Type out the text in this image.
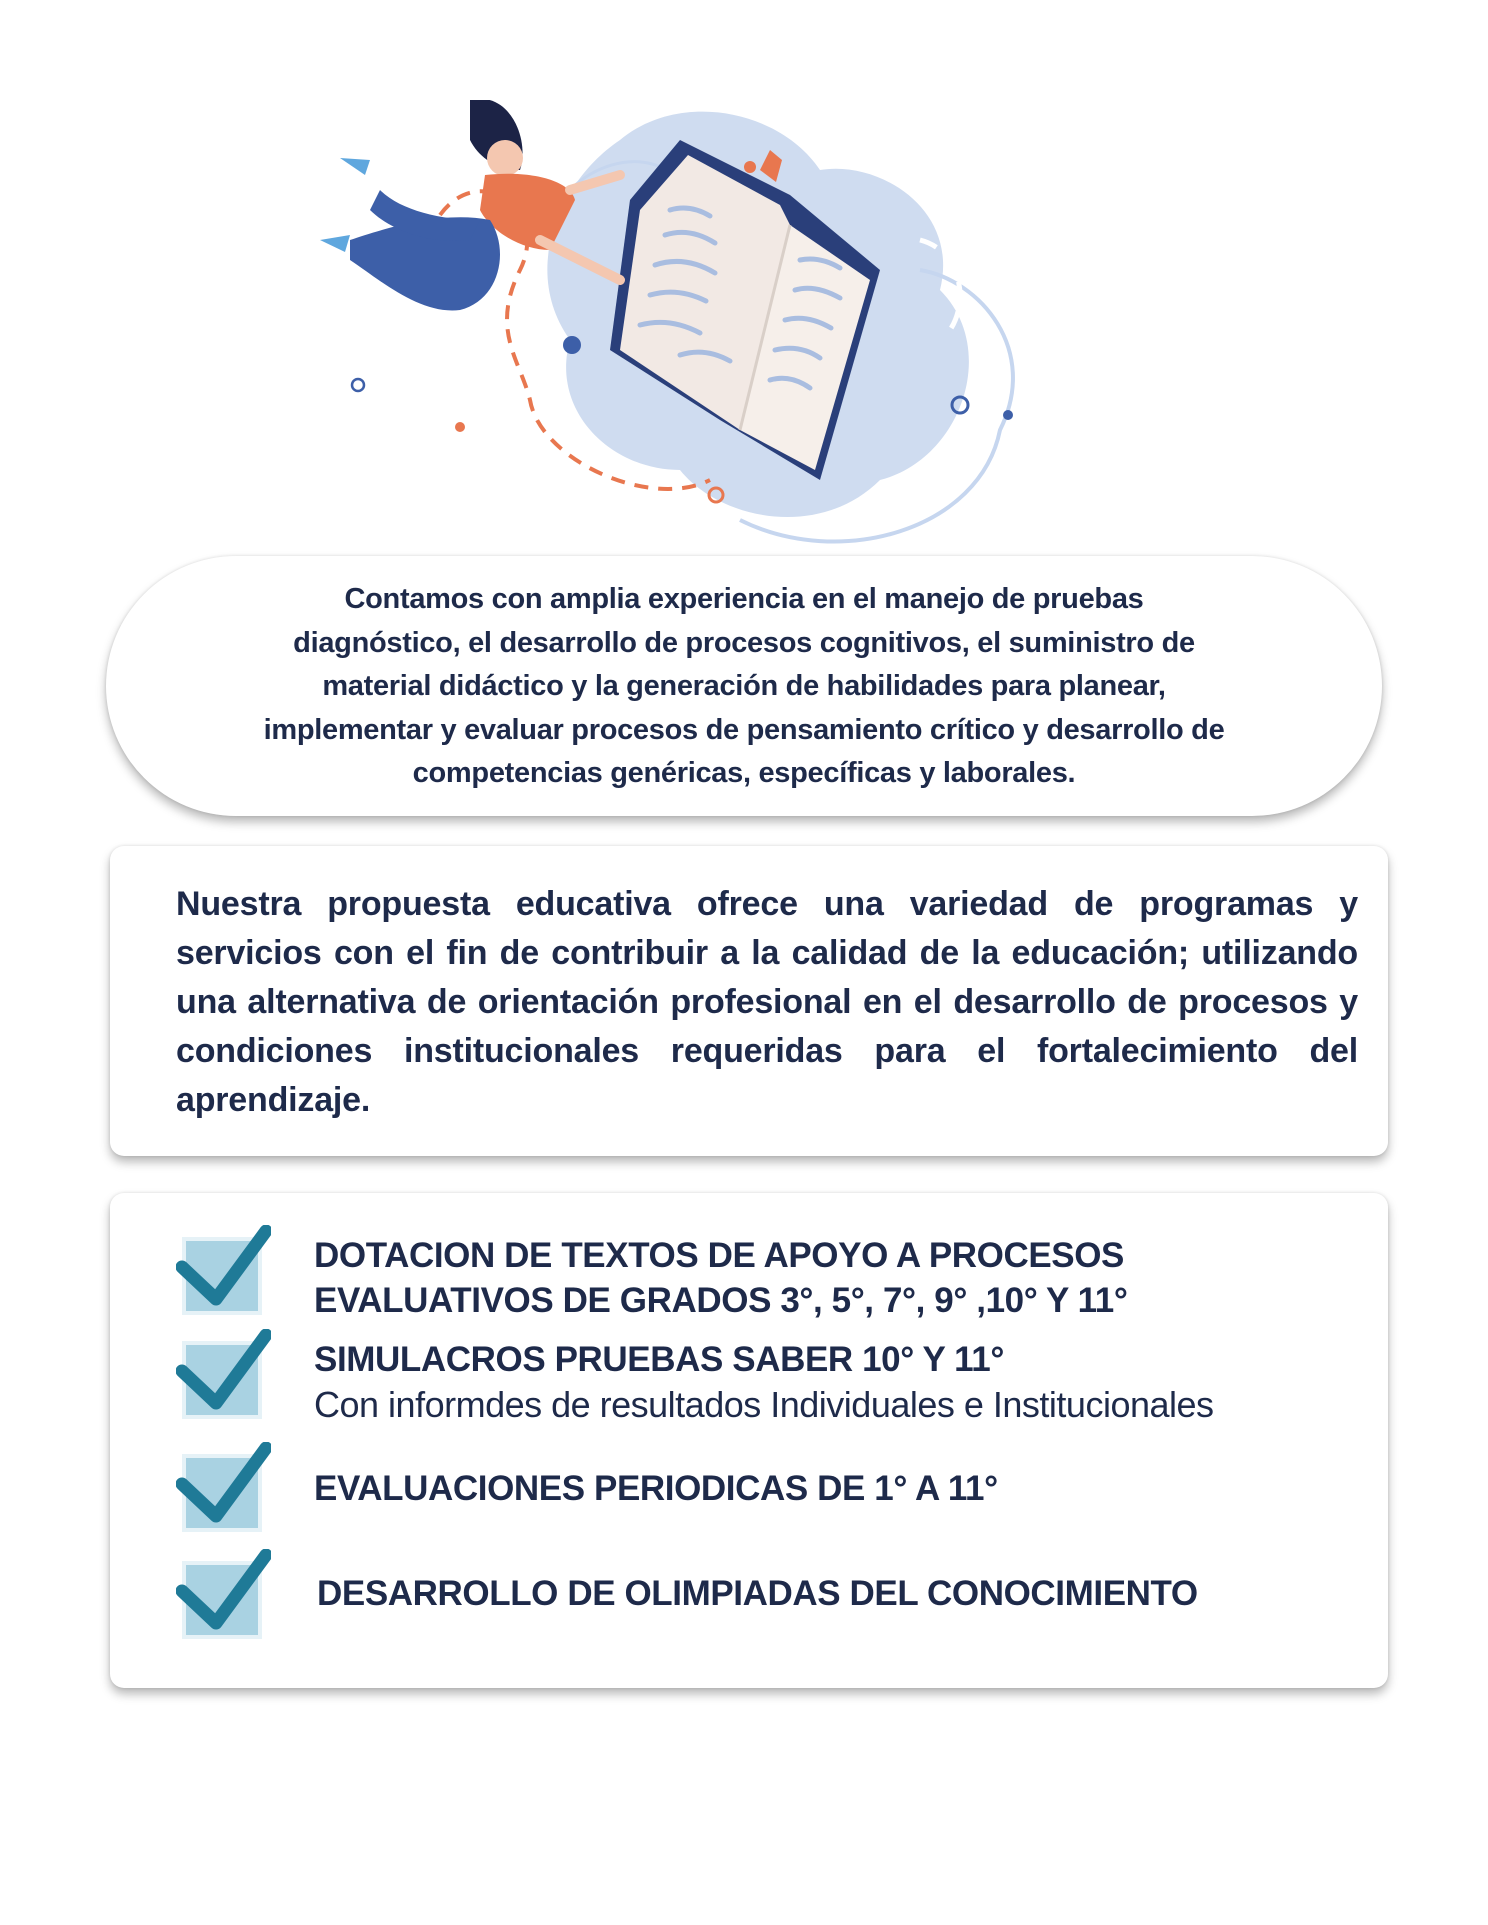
Contamos con amplia experiencia en el manejo de pruebas
diagnóstico, el desarrollo de procesos cognitivos, el suministro de
material didáctico y la generación de habilidades para planear,
implementar y evaluar procesos de pensamiento crítico y desarrollo de
competencias genéricas, específicas y laborales.

Nuestra propuesta educativa ofrece una variedad de programas y servicios con el fin de contribuir a la calidad de la educación; utilizando una alternativa de orientación profesional en el desarrollo de procesos y condiciones institucionales requeridas para el fortalecimiento del aprendizaje.

DOTACION DE TEXTOS DE APOYO A PROCESOS
EVALUATIVOS DE GRADOS 3°, 5°, 7°, 9° ,10° Y 11°
SIMULACROS PRUEBAS SABER 10° Y 11°
Con informdes de resultados Individuales e Institucionales
EVALUACIONES PERIODICAS DE 1° A 11°
DESARROLLO DE OLIMPIADAS DEL CONOCIMIENTO
